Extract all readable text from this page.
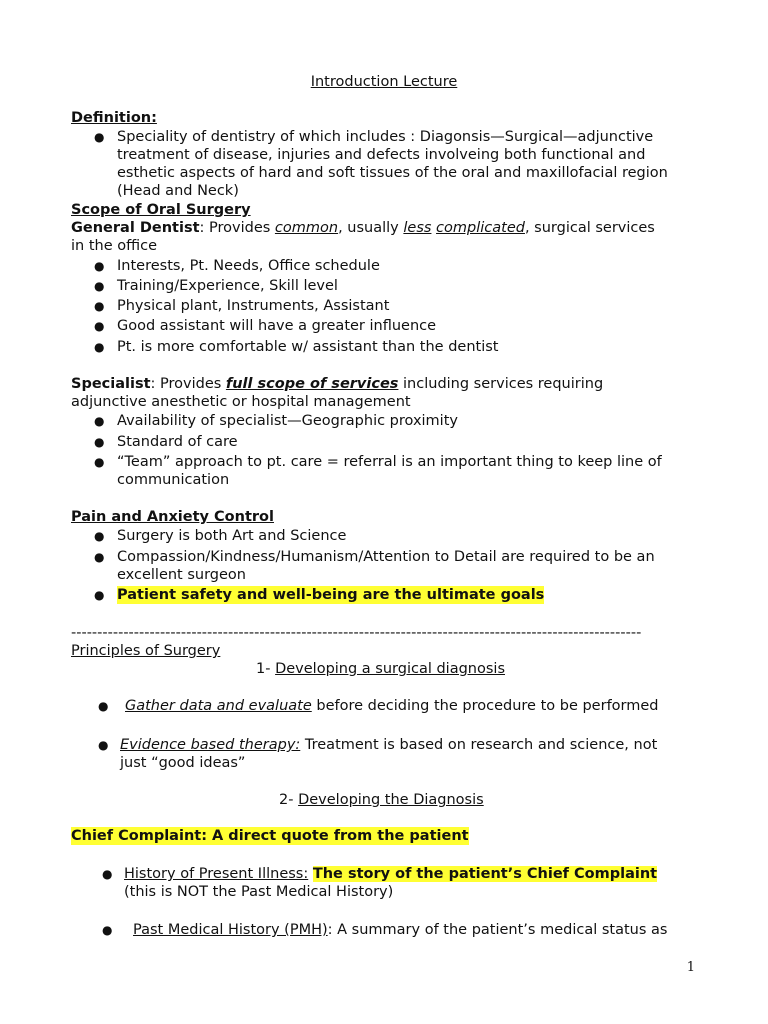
Introduction Lecture
Definition:
● Speciality of dentistry of which includes : Diagonsis—Surgical—adjunctive
treatment of disease, injuries and defects involveing both functional and
esthetic aspects of hard and soft tissues of the oral and maxillofacial region
(Head and Neck)
Scope of Oral Surgery
General Dentist: Provides common, usually less complicated, surgical services
in the office
● Interests, Pt. Needs, Office schedule
● Training/Experience, Skill level
● Physical plant, Instruments, Assistant
● Good assistant will have a greater influence
● Pt. is more comfortable w/ assistant than the dentist
Specialist: Provides full scope of services including services requiring
adjunctive anesthetic or hospital management
● Availability of specialist—Geographic proximity
● Standard of care
● “Team” approach to pt. care = referral is an important thing to keep line of
communication
Pain and Anxiety Control
● Surgery is both Art and Science
● Compassion/Kindness/Humanism/Attention to Detail are required to be an
excellent surgeon
● Patient safety and well-being are the ultimate goals
-------------------------------------------------------------------------------------------------------------
Principles of Surgery
1- Developing a surgical diagnosis
● Gather data and evaluate before deciding the procedure to be performed
● Evidence based therapy: Treatment is based on research and science, not
just “good ideas”
2- Developing the Diagnosis
Chief Complaint: A direct quote from the patient
● History of Present Illness: The story of the patient’s Chief Complaint
(this is NOT the Past Medical History)
● Past Medical History (PMH): A summary of the patient’s medical status as
1
